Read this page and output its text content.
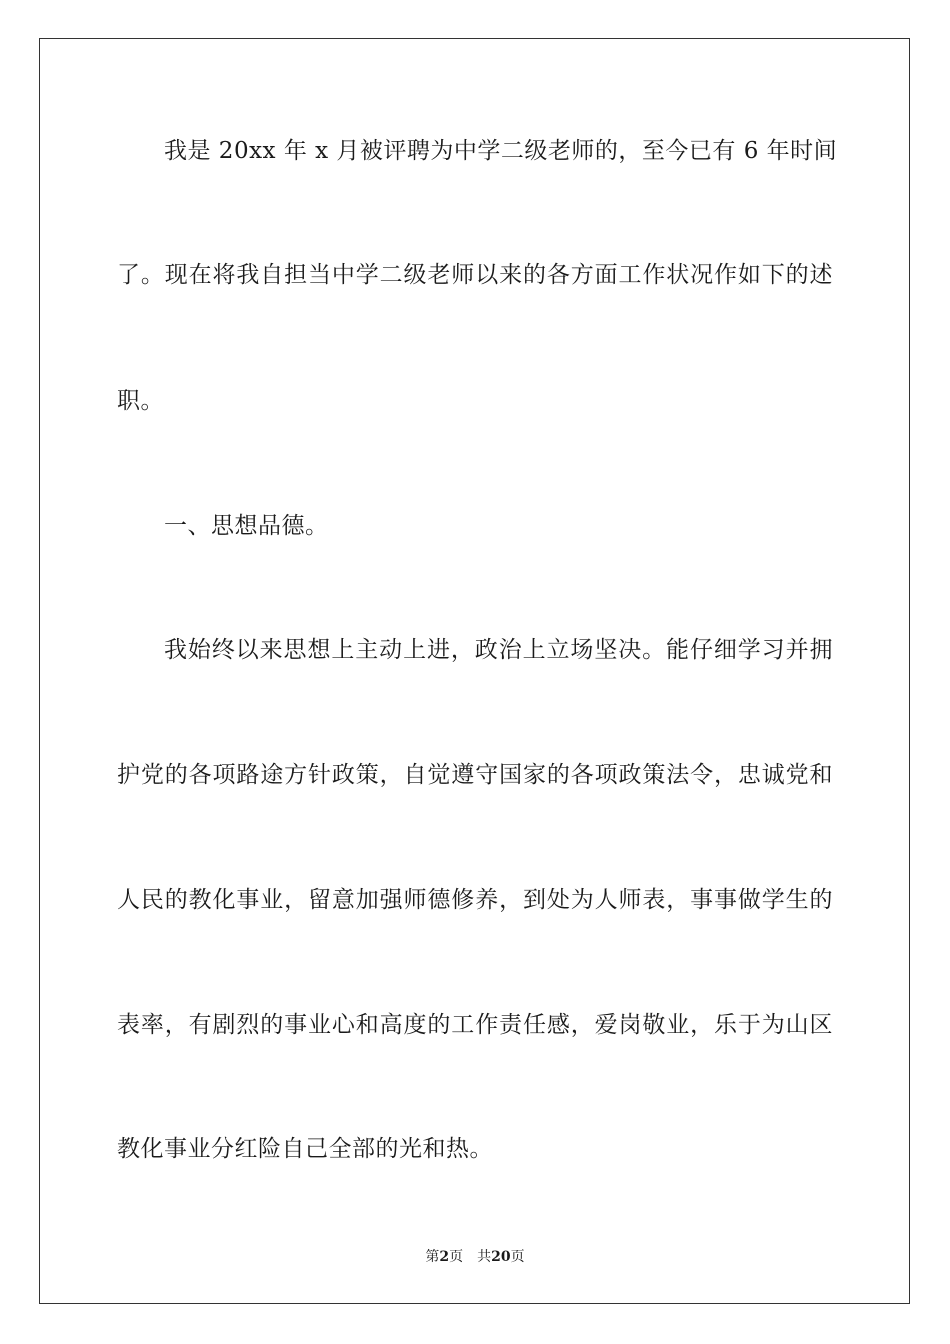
我是 20xx 年 x 月被评聘为中学二级老师的，至今已有 6 年时间
了。现在将我自担当中学二级老师以来的各方面工作状况作如下的述
职。
一、思想品德。
我始终以来思想上主动上进，政治上立场坚决。能仔细学习并拥
护党的各项路途方针政策，自觉遵守国家的各项政策法令，忠诚党和
人民的教化事业，留意加强师德修养，到处为人师表，事事做学生的
表率，有剧烈的事业心和高度的工作责任感，爱岗敬业，乐于为山区
教化事业分红险自己全部的光和热。
第2页 共20页
